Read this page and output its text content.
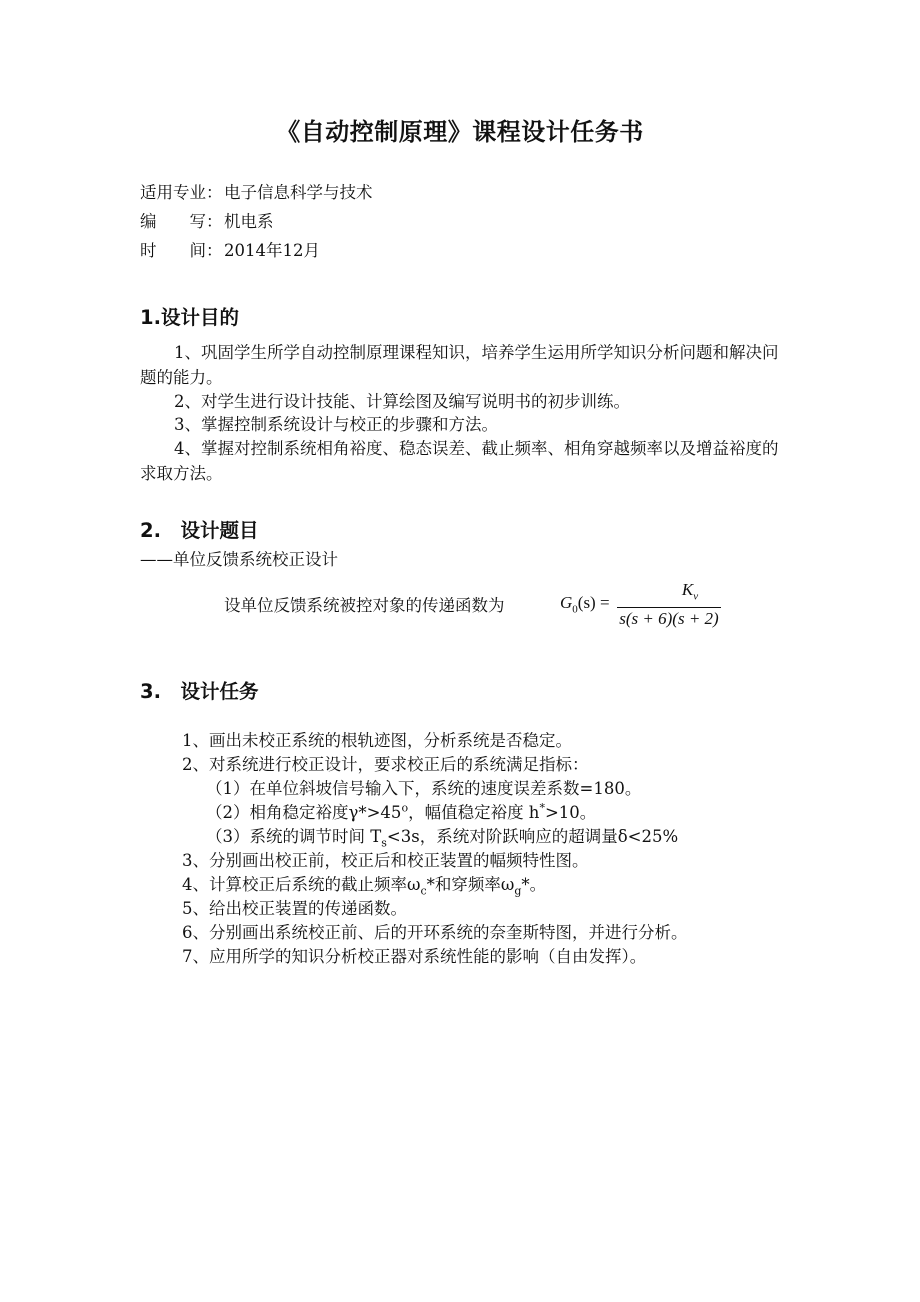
《自动控制原理》课程设计任务书
适用专业：电子信息科学与技术
编　　写：机电系
时　　间：2014年12月
1.设计目的
1、巩固学生所学自动控制原理课程知识，培养学生运用所学知识分析问题和解决问题的能力。
2、对学生进行设计技能、计算绘图及编写说明书的初步训练。
3、掌握控制系统设计与校正的步骤和方法。
4、掌握对控制系统相角裕度、稳态误差、截止频率、相角穿越频率以及增益裕度的求取方法。
2.　设计题目
——单位反馈系统校正设计
设单位反馈系统被控对象的传递函数为	$G_0(s)$ =
$K_v$
s(s + 6)(s + 2)
3.　设计任务
1、画出未校正系统的根轨迹图，分析系统是否稳定。
2、对系统进行校正设计，要求校正后的系统满足指标：
（1）在单位斜坡信号输入下，系统的速度误差系数=180。
（2）相角稳定裕度$\gamma*>45^o$，幅值稳定裕度 h*>10。
（3）系统的调节时间 $T_s<3s$，系统对阶跃响应的超调量δ<25%
3、分别画出校正前，校正后和校正装置的幅频特性图。
4、计算校正后系统的截止频率$\omega_c*$和穿频率$\omega_g*$。
5、给出校正装置的传递函数。
6、分别画出系统校正前、后的开环系统的奈奎斯特图，并进行分析。
7、应用所学的知识分析校正器对系统性能的影响（自由发挥）。
